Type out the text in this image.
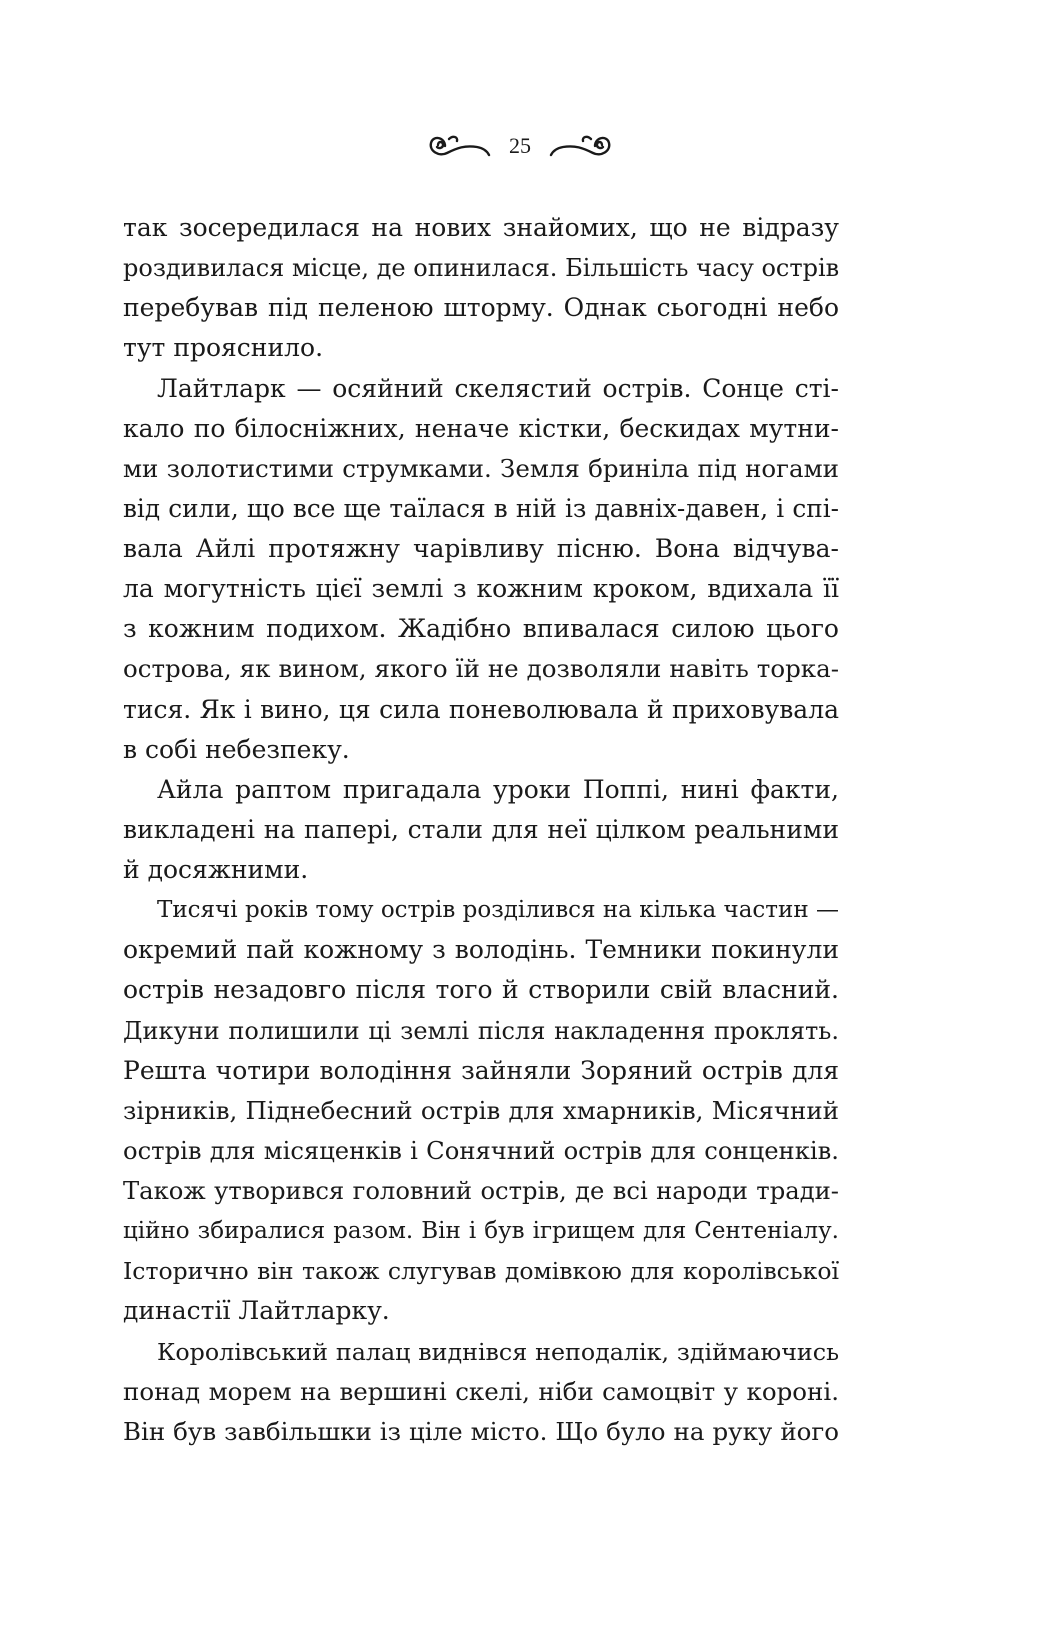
25
так зосередилася на нових знайомих, що не відразу
роздивилася місце, де опинилася. Більшість часу острів
перебував під пеленою шторму. Однак сьогодні небо
тут прояснило.
Лайтларк — осяйний скелястий острів. Сонце сті-
кало по білосніжних, неначе кістки, бескидах мутни-
ми золотистими струмками. Земля бриніла під ногами
від сили, що все ще таїлася в ній із давніх-давен, і спі-
вала Айлі протяжну чарівливу пісню. Вона відчува-
ла могутність цієї землі з кожним кроком, вдихала її
з кожним подихом. Жадібно впивалася силою цього
острова, як вином, якого їй не дозволяли навіть торка-
тися. Як і вино, ця сила поневолювала й приховувала
в собі небезпеку.
Айла раптом пригадала уроки Поппі, нині факти,
викладені на папері, стали для неї цілком реальними
й досяжними.
Тисячі років тому острів розділився на кілька частин —
окремий пай кожному з володінь. Темники покинули
острів незадовго після того й створили свій власний.
Дикуни полишили ці землі після накладення проклять.
Решта чотири володіння зайняли Зоряний острів для
зірників, Піднебесний острів для хмарників, Місячний
острів для місяценків і Сонячний острів для сонценків.
Також утворився головний острів, де всі народи тради-
ційно збиралися разом. Він і був ігрищем для Сентеніалу.
Історично він також слугував домівкою для королівської
династії Лайтларку.
Королівський палац виднівся неподалік, здіймаючись
понад морем на вершині скелі, ніби самоцвіт у короні.
Він був завбільшки із ціле місто. Що було на руку його
